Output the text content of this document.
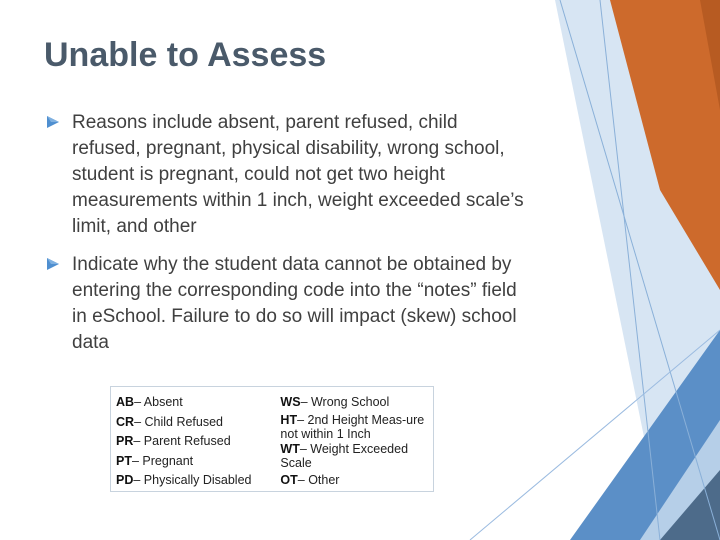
Unable to Assess
Reasons include absent, parent refused, child refused, pregnant, physical disability, wrong school, student is pregnant, could not get two height measurements within 1 inch, weight exceeded scale’s limit, and other
Indicate why the student data cannot be obtained by entering the corresponding code into the “notes” field in eSchool. Failure to do so will impact (skew) school data
AB– Absent
CR– Child Refused
PR– Parent Refused
PT– Pregnant
PD– Physically Disabled
WS– Wrong School
HT– 2nd Height Meas-ure not within 1 Inch
WT– Weight Exceeded Scale
OT– Other
